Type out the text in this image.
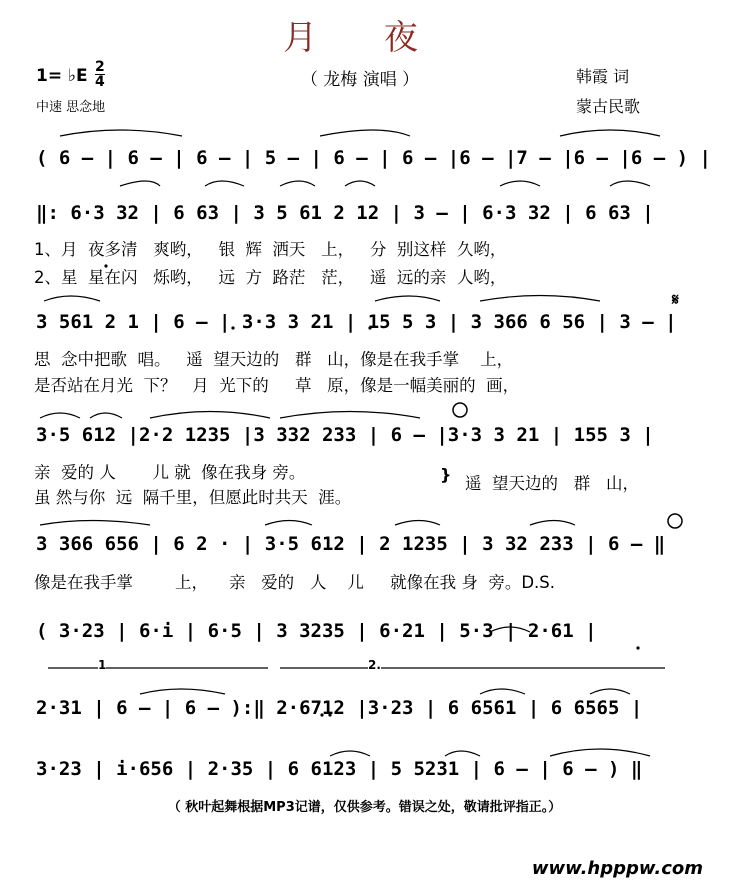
月 夜
（ 龙梅 演唱 ）
1= ♭E $\frac{2}{4}$
中速 思念地
韩霞 词
蒙古民歌
𝄋
}
( 6 – | 6 – | 6 – | 5 – | 6 – | 6 – |6 – |7 – |6 – |6 – ) |
‖: 6·3 32 | 6 63 | 3 5 61 2 12 | 3 – | 6·3 32 | 6 63 |
1、月  夜多清   爽哟，   银  辉  洒天   上，   分  别这样  久哟，
2、星  星在闪   烁哟，   远  方  路茫   茫，   遥  远的亲  人哟，
3 561 2 1 | 6 – | 3·3 3 21 | 15 5 3 | 3 366 6 56 | 3 – |
思  念中把歌  唱。   遥  望天边的   群   山，像是在我手掌    上，
是否站在月光  下？   月  光下的     草   原，像是一幅美丽的  画，
3·5 612 |2·2 1235 |3 332 233 | 6 – |3·3 3 21 | 155 3 |
亲  爱的 人       儿 就  像在我身 旁。
虽 然与你  远  隔千里，但愿此时共天  涯。
遥  望天边的   群   山，
3 366 656 | 6 2 · | 3·5 612 | 2 1235 | 3 32 233 | 6 – ‖
像是在我手掌        上，    亲   爱的   人    儿     就像在我 身  旁。D.S.
( 3·23 | 6·i | 6·5 | 3 3235 | 6·21 | 5·3 | 2·61 |
1	2.
2·31 | 6 – | 6 – ):‖ 2·6712 |3·23 | 6 6561 | 6 6565 |
3·23 | i·656 | 2·35 | 6 6123 | 5 5231 | 6 – | 6 – ) ‖
（ 秋叶起舞根据MP3记谱，仅供参考。错误之处，敬请批评指正。）
www.hpppw.com
